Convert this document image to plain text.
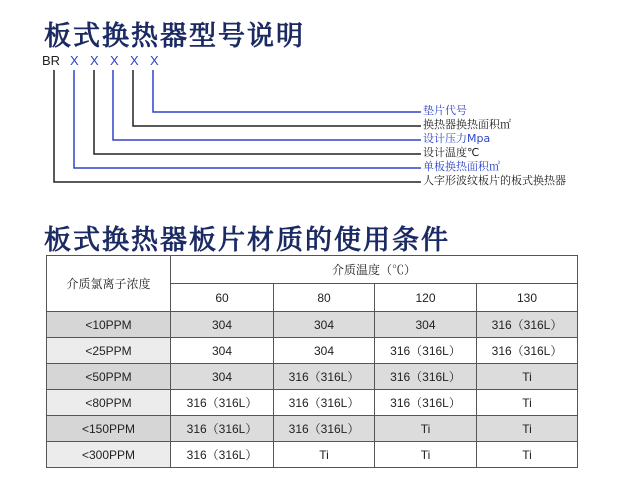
板式换热器型号说明
BR X X X X X
垫片代号
换热器换热面积㎡
设计压力Mpa
设计温度℃
单板换热面积㎡
人字形波纹板片的板式换热器
板式换热器板片材质的使用条件
介质氯离子浓度	介质温度（℃）			
	60	80	120	130
<10PPM	304	304	304	316（316L）
<25PPM	304	304	316（316L）	316（316L）
<50PPM	304	316（316L）	316（316L）	Ti
<80PPM	316（316L）	316（316L）	316（316L）	Ti
<150PPM	316（316L）	316（316L）	Ti	Ti
<300PPM	316（316L）	Ti	Ti	Ti
